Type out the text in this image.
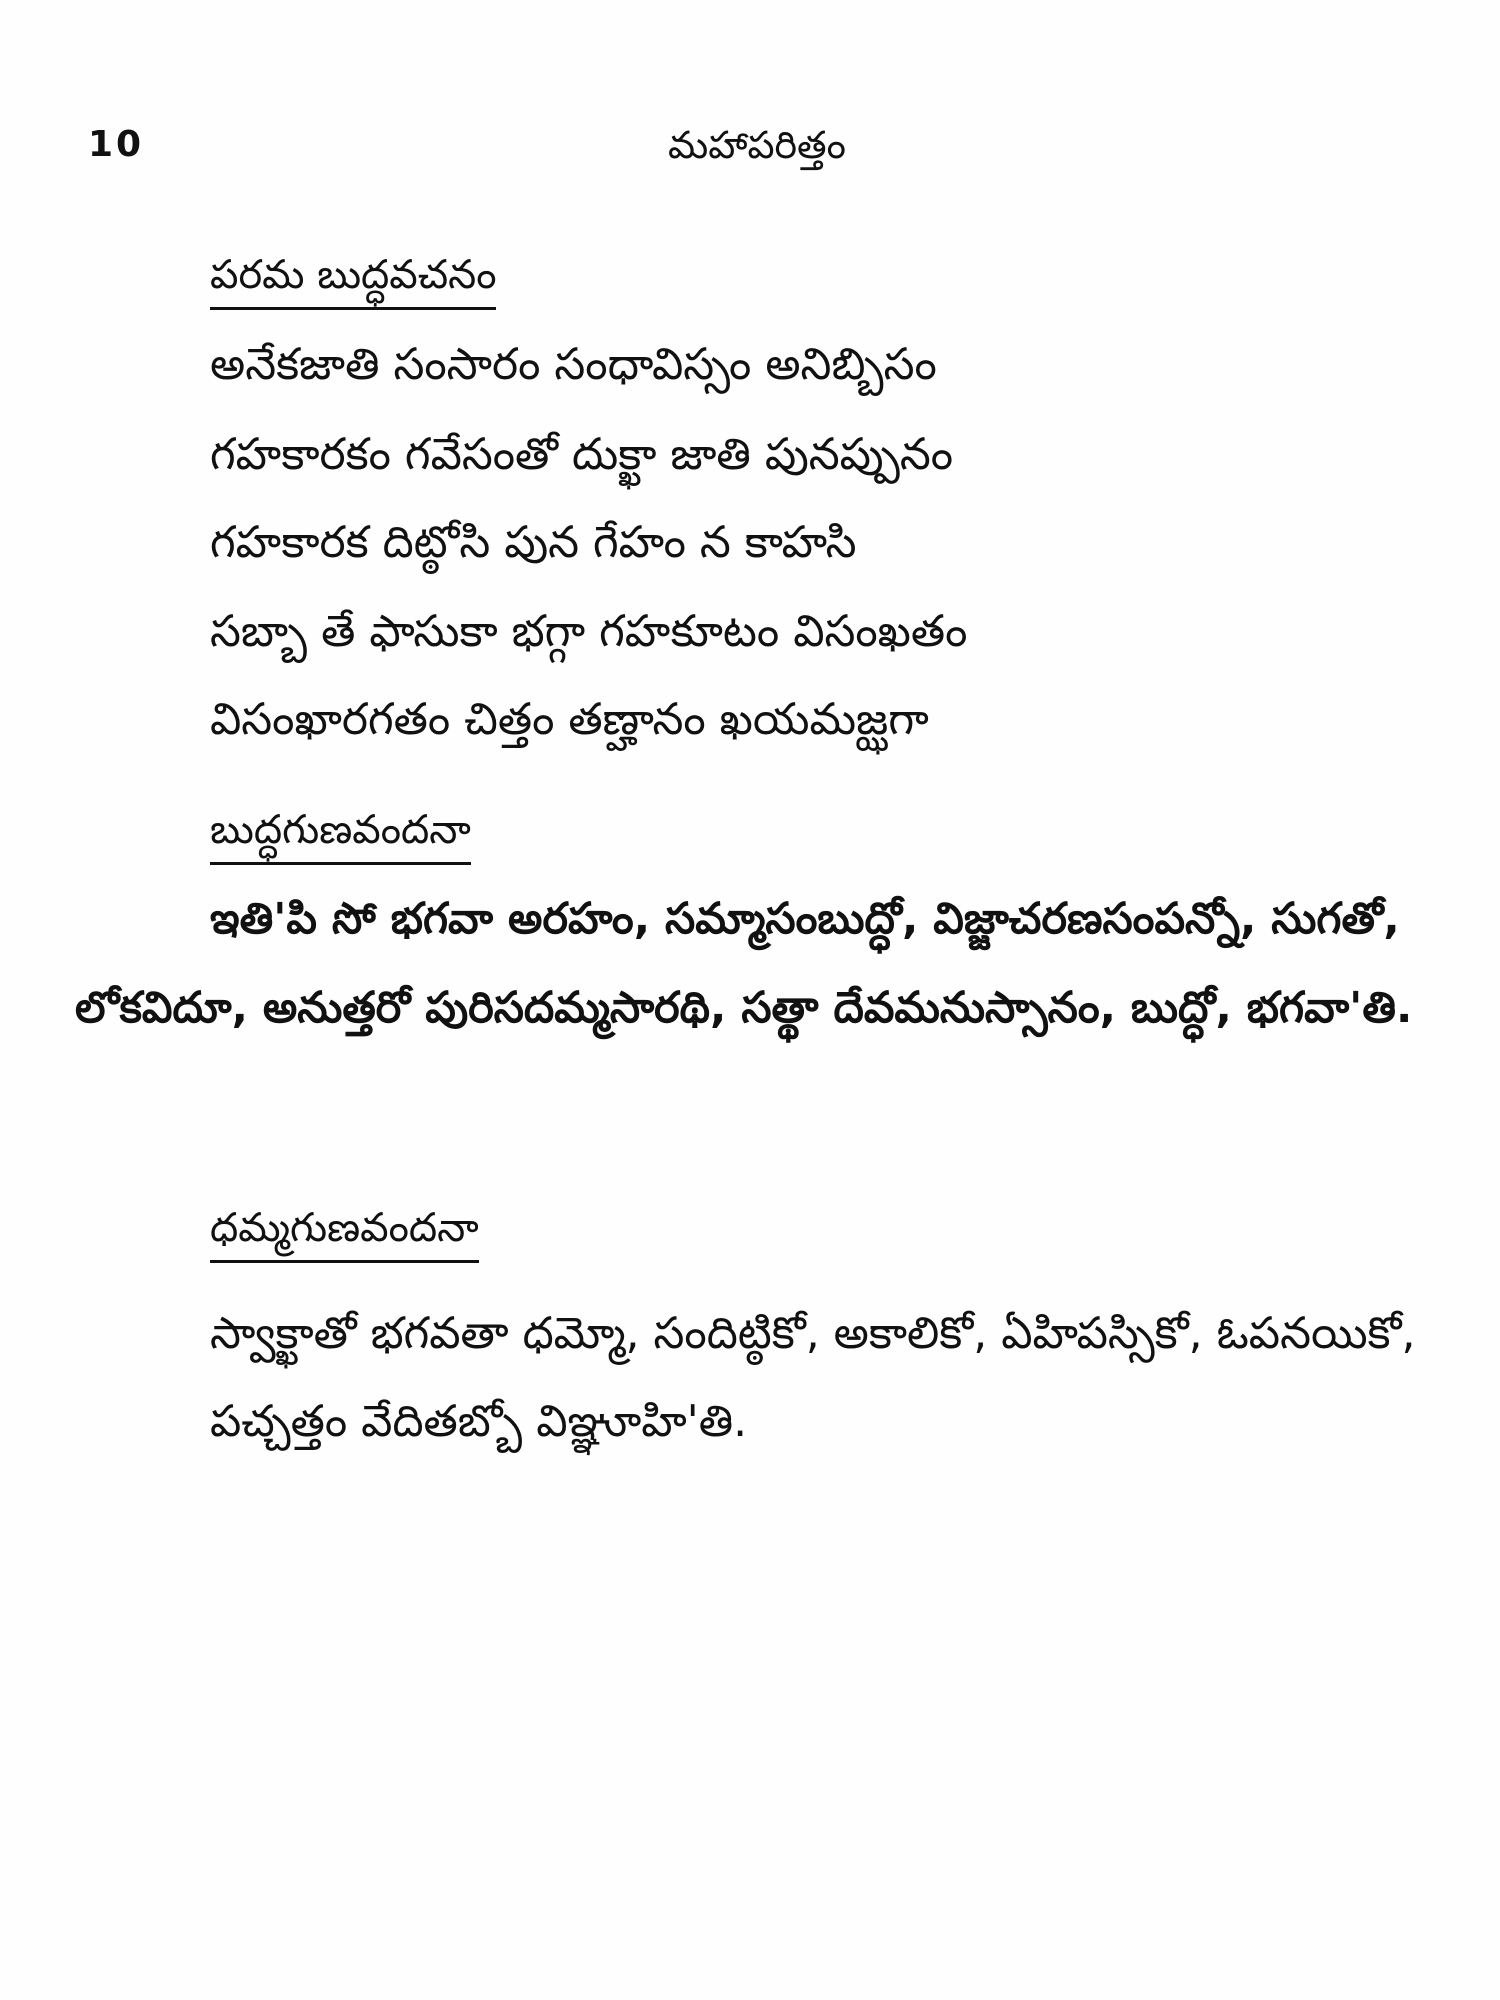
10	మహాపరిత్తం
పరమ బుద్ధవచనం
అనేకజాతి సంసారం సంధావిస్సం అనిబ్బిసం
గహకారకం గవేసంతో దుక్ఖా జాతి పునప్పునం
గహకారక దిట్ఠోసి పున గేహం న కాహసి
సబ్బా తే ఫాసుకా భగ్గా గహకూటం విసంఖతం
విసంఖారగతం చిత్తం తణ్హానం ఖయమజ్ఝగా
బుద్ధగుణవందనా

ఇతి'పి సో భగవా అరహం, సమ్మాసంబుద్ధో, విజ్జాచరణసంపన్నో, సుగతో, లోకవిదూ, అనుత్తరో పురిసదమ్మసారథి, సత్థా దేవమనుస్సానం, బుద్ధో, భగవా'తి.

ధమ్మగుణవందనా

స్వాక్ఖాతో భగవతా ధమ్మో, సందిట్ఠికో, అకాలికో, ఏహిపస్సికో, ఓపనయికో, పచ్చత్తం వేదితబ్బో విఞ్ఞూహి'తి.
